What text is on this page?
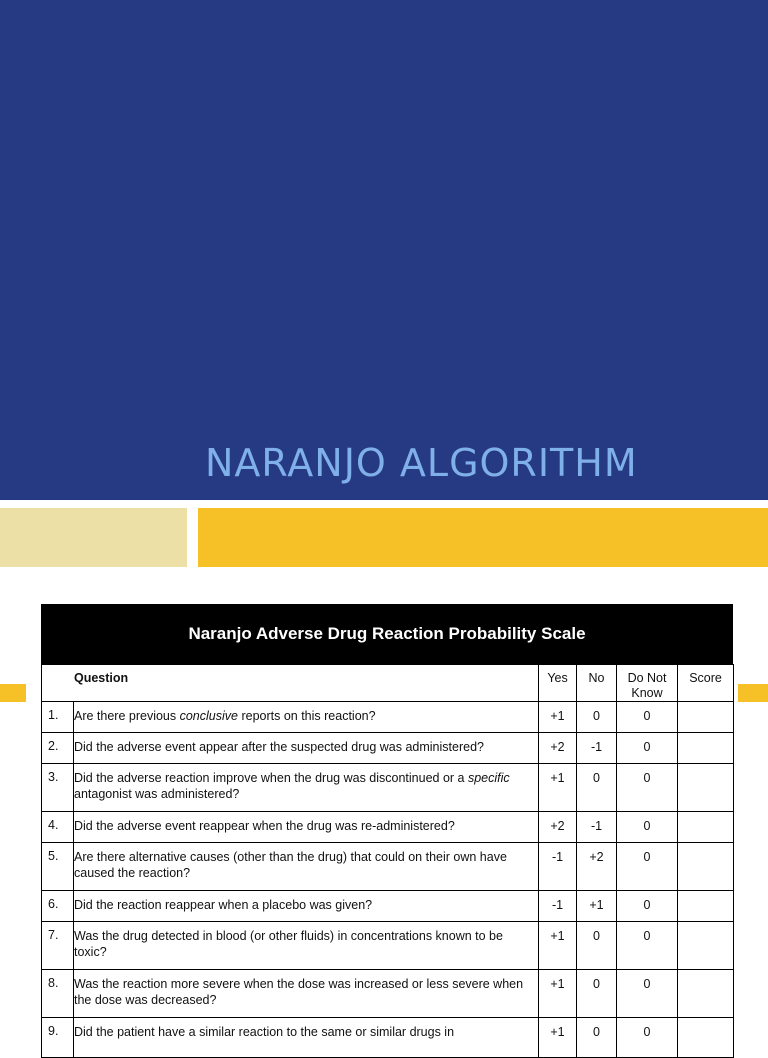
NARANJO ALGORITHM
Naranjo Adverse Drug Reaction Probability Scale
Question		Yes	No	Do Not Know	Score
1.	Are there previous conclusive reports on this reaction?	+1	0	0	
2.	Did the adverse event appear after the suspected drug was administered?	+2	-1	0	
3.	Did the adverse reaction improve when the drug was discontinued or a specific antagonist was administered?	+1	0	0	
4.	Did the adverse event reappear when the drug was re-administered?	+2	-1	0	
5.	Are there alternative causes (other than the drug) that could on their own have caused the reaction?	-1	+2	0	
6.	Did the reaction reappear when a placebo was given?	-1	+1	0	
7.	Was the drug detected in blood (or other fluids) in concentrations known to be toxic?	+1	0	0	
8.	Was the reaction more severe when the dose was increased or less severe when the dose was decreased?	+1	0	0	
9.	Did the patient have a similar reaction to the same or similar drugs in	+1	0	0	
